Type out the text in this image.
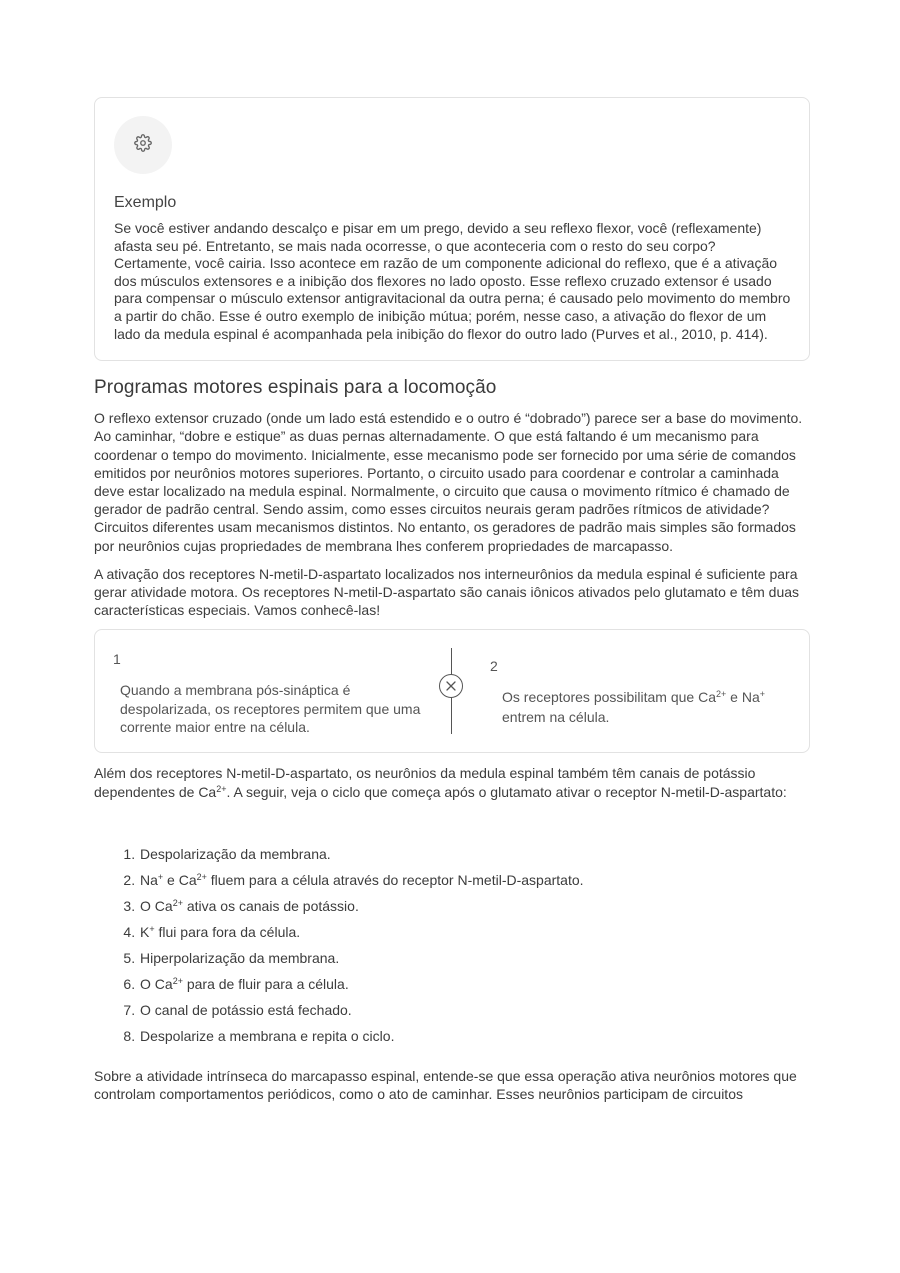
Exemplo

Se você estiver andando descalço e pisar em um prego, devido a seu reflexo flexor, você (reflexamente) afasta seu pé. Entretanto, se mais nada ocorresse, o que aconteceria com o resto do seu corpo? Certamente, você cairia. Isso acontece em razão de um componente adicional do reflexo, que é a ativação dos músculos extensores e a inibição dos flexores no lado oposto. Esse reflexo cruzado extensor é usado para compensar o músculo extensor antigravitacional da outra perna; é causado pelo movimento do membro a partir do chão. Esse é outro exemplo de inibição mútua; porém, nesse caso, a ativação do flexor de um lado da medula espinal é acompanhada pela inibição do flexor do outro lado (Purves et al., 2010, p. 414).

Programas motores espinais para a locomoção

O reflexo extensor cruzado (onde um lado está estendido e o outro é “dobrado”) parece ser a base do movimento. Ao caminhar, “dobre e estique” as duas pernas alternadamente. O que está faltando é um mecanismo para coordenar o tempo do movimento. Inicialmente, esse mecanismo pode ser fornecido por uma série de comandos emitidos por neurônios motores superiores. Portanto, o circuito usado para coordenar e controlar a caminhada deve estar localizado na medula espinal. Normalmente, o circuito que causa o movimento rítmico é chamado de gerador de padrão central. Sendo assim, como esses circuitos neurais geram padrões rítmicos de atividade? Circuitos diferentes usam mecanismos distintos. No entanto, os geradores de padrão mais simples são formados por neurônios cujas propriedades de membrana lhes conferem propriedades de marcapasso.

A ativação dos receptores N-metil-D-aspartato localizados nos interneurônios da medula espinal é suficiente para gerar atividade motora. Os receptores N-metil-D-aspartato são canais iônicos ativados pelo glutamato e têm duas características especiais. Vamos conhecê-las!

1
Quando a membrana pós-sináptica é despolarizada, os receptores permitem que uma corrente maior entre na célula.
2
Os receptores possibilitam que $Ca^{2+}$ e Na+ entrem na célula.

Além dos receptores N-metil-D-aspartato, os neurônios da medula espinal também têm canais de potássio dependentes de $Ca^{2+}$. A seguir, veja o ciclo que começa após o glutamato ativar o receptor N-metil-D-aspartato:

1. Despolarização da membrana.
2. Na+ e $Ca^{2+}$ fluem para a célula através do receptor N-metil-D-aspartato.
3. O $Ca^{2+}$ ativa os canais de potássio.
4. K+ flui para fora da célula.
5. Hiperpolarização da membrana.
6. O $Ca^{2+}$ para de fluir para a célula.
7. O canal de potássio está fechado.
8. Despolarize a membrana e repita o ciclo.

Sobre a atividade intrínseca do marcapasso espinal, entende-se que essa operação ativa neurônios motores que controlam comportamentos periódicos, como o ato de caminhar. Esses neurônios participam de circuitos
